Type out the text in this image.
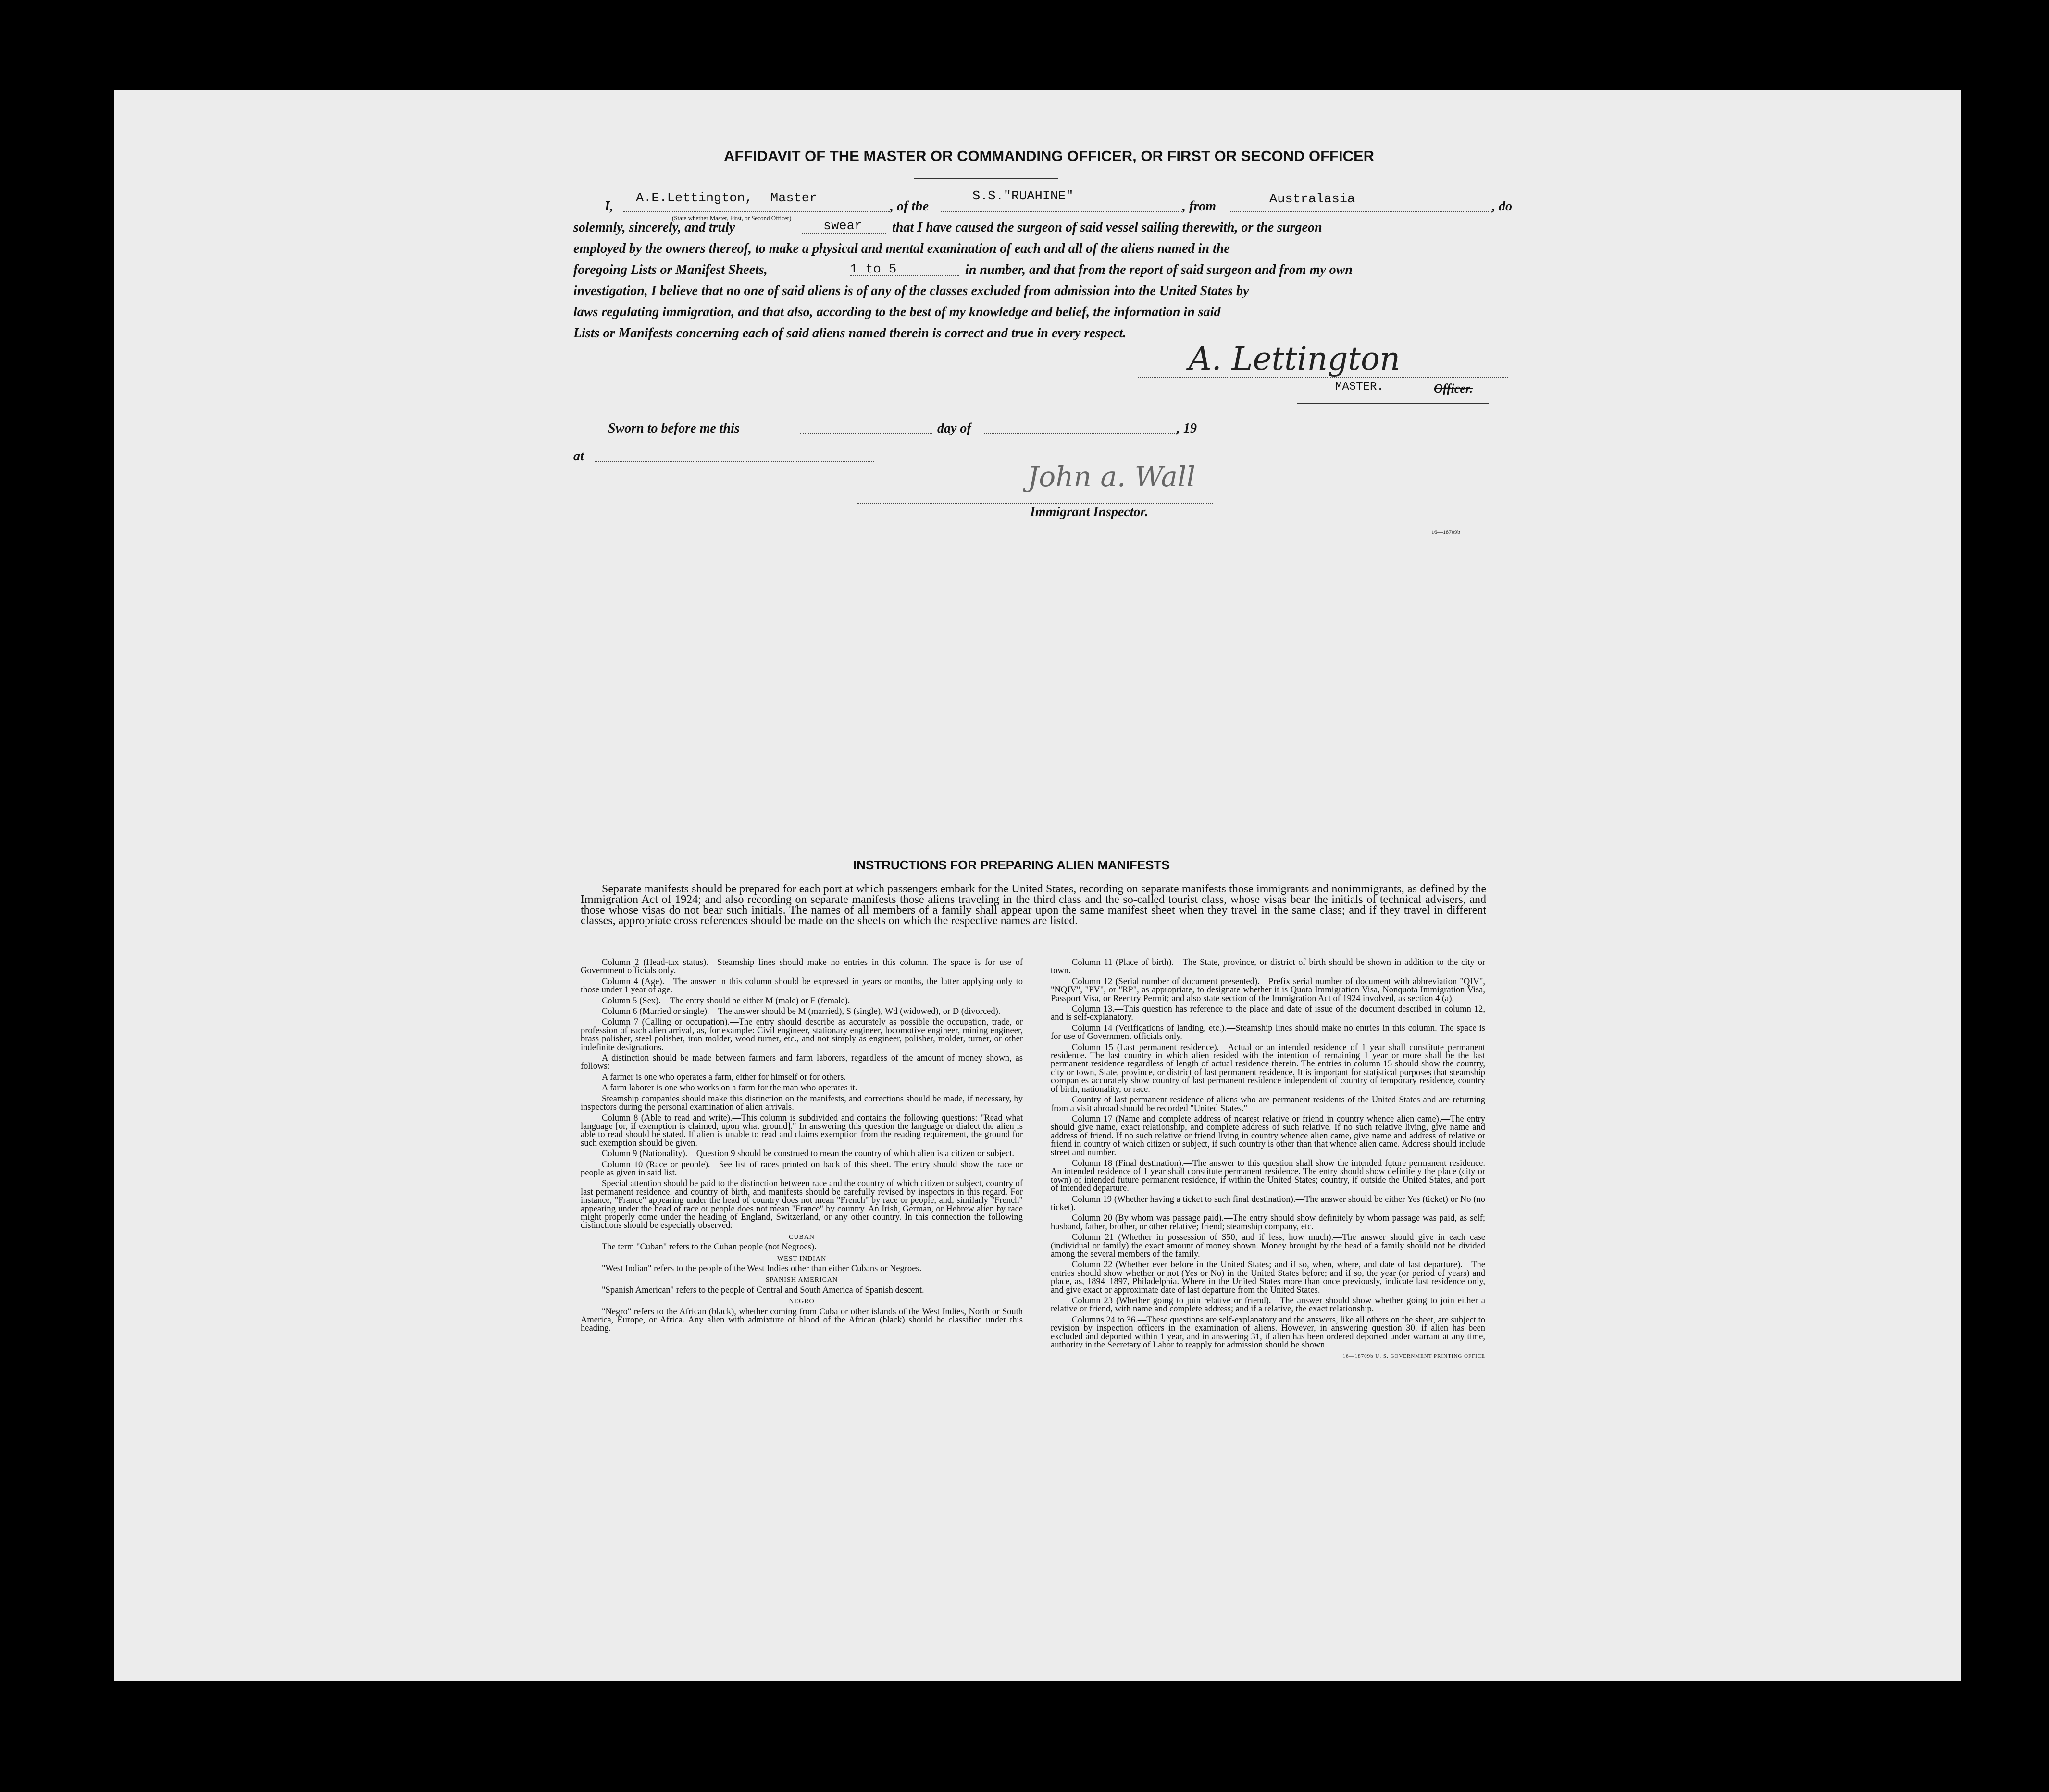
AFFIDAVIT OF THE MASTER OR COMMANDING OFFICER, OR FIRST OR SECOND OFFICER
I,
A.E.Lettington, Master
(State whether Master, First, or Second Officer)
, of the
S.S."RUAHINE"
, from	Australasia	, do
solemnly, sincerely, and truly	swear that I have caused the surgeon of said vessel sailing therewith, or the surgeon
employed by the owners thereof, to make a physical and mental examination of each and all of the aliens named in the
foregoing Lists or Manifest Sheets,	1 to 5	in number, and that from the report of said surgeon and from my own
investigation, I believe that no one of said aliens is of any of the classes excluded from admission into the United States by
laws regulating immigration, and that also, according to the best of my knowledge and belief, the information in said
Lists or Manifests concerning each of said aliens named therein is correct and true in every respect.
A. Lettington
MASTER.	Officer.
Sworn to before me this	day of	, 19
at
John a. Wall
Immigrant Inspector.
16—18709b
INSTRUCTIONS FOR PREPARING ALIEN MANIFESTS
Separate manifests should be prepared for each port at which passengers embark for the United States, recording on separate manifests those immigrants and nonimmigrants, as defined by the Immigration Act of 1924; and also recording on separate manifests those aliens traveling in the third class and the so-called tourist class, whose visas bear the initials of technical advisers, and those whose visas do not bear such initials. The names of all members of a family shall appear upon the same manifest sheet when they travel in the same class; and if they travel in different classes, appropriate cross references should be made on the sheets on which the respective names are listed.

Column 2 (Head-tax status).—Steamship lines should make no entries in this column. The space is for use of Government officials only.

Column 4 (Age).—The answer in this column should be expressed in years or months, the latter applying only to those under 1 year of age.

Column 5 (Sex).—The entry should be either M (male) or F (female).

Column 6 (Married or single).—The answer should be M (married), S (single), Wd (widowed), or D (divorced).

Column 7 (Calling or occupation).—The entry should describe as accurately as possible the occupation, trade, or profession of each alien arrival, as, for example: Civil engineer, stationary engineer, locomotive engineer, mining engineer, brass polisher, steel polisher, iron molder, wood turner, etc., and not simply as engineer, polisher, molder, turner, or other indefinite designations.

A distinction should be made between farmers and farm laborers, regardless of the amount of money shown, as follows:

A farmer is one who operates a farm, either for himself or for others.

A farm laborer is one who works on a farm for the man who operates it.

Steamship companies should make this distinction on the manifests, and corrections should be made, if necessary, by inspectors during the personal examination of alien arrivals.

Column 8 (Able to read and write).—This column is subdivided and contains the following questions: "Read what language [or, if exemption is claimed, upon what ground]." In answering this question the language or dialect the alien is able to read should be stated. If alien is unable to read and claims exemption from the reading requirement, the ground for such exemption should be given.

Column 9 (Nationality).—Question 9 should be construed to mean the country of which alien is a citizen or subject.

Column 10 (Race or people).—See list of races printed on back of this sheet. The entry should show the race or people as given in said list.

Special attention should be paid to the distinction between race and the country of which citizen or subject, country of last permanent residence, and country of birth, and manifests should be carefully revised by inspectors in this regard. For instance, "France" appearing under the head of country does not mean "French" by race or people, and, similarly "French" appearing under the head of race or people does not mean "France" by country. An Irish, German, or Hebrew alien by race might properly come under the heading of England, Switzerland, or any other country. In this connection the following distinctions should be especially observed:

CUBAN

The term "Cuban" refers to the Cuban people (not Negroes).

WEST INDIAN

"West Indian" refers to the people of the West Indies other than either Cubans or Negroes.

SPANISH AMERICAN

"Spanish American" refers to the people of Central and South America of Spanish descent.

NEGRO

"Negro" refers to the African (black), whether coming from Cuba or other islands of the West Indies, North or South America, Europe, or Africa. Any alien with admixture of blood of the African (black) should be classified under this heading.

Column 11 (Place of birth).—The State, province, or district of birth should be shown in addition to the city or town.

Column 12 (Serial number of document presented).—Prefix serial number of document with abbreviation "QIV", "NQIV", "PV", or "RP", as appropriate, to designate whether it is Quota Immigration Visa, Nonquota Immigration Visa, Passport Visa, or Reentry Permit; and also state section of the Immigration Act of 1924 involved, as section 4 (a).

Column 13.—This question has reference to the place and date of issue of the document described in column 12, and is self-explanatory.

Column 14 (Verifications of landing, etc.).—Steamship lines should make no entries in this column. The space is for use of Government officials only.

Column 15 (Last permanent residence).—Actual or an intended residence of 1 year shall constitute permanent residence. The last country in which alien resided with the intention of remaining 1 year or more shall be the last permanent residence regardless of length of actual residence therein. The entries in column 15 should show the country, city or town, State, province, or district of last permanent residence. It is important for statistical purposes that steamship companies accurately show country of last permanent residence independent of country of temporary residence, country of birth, nationality, or race.

Country of last permanent residence of aliens who are permanent residents of the United States and are returning from a visit abroad should be recorded "United States."

Column 17 (Name and complete address of nearest relative or friend in country whence alien came).—The entry should give name, exact relationship, and complete address of such relative. If no such relative living, give name and address of friend. If no such relative or friend living in country whence alien came, give name and address of relative or friend in country of which citizen or subject, if such country is other than that whence alien came. Address should include street and number.

Column 18 (Final destination).—The answer to this question shall show the intended future permanent residence. An intended residence of 1 year shall constitute permanent residence. The entry should show definitely the place (city or town) of intended future permanent residence, if within the United States; country, if outside the United States, and port of intended departure.

Column 19 (Whether having a ticket to such final destination).—The answer should be either Yes (ticket) or No (no ticket).

Column 20 (By whom was passage paid).—The entry should show definitely by whom passage was paid, as self; husband, father, brother, or other relative; friend; steamship company, etc.

Column 21 (Whether in possession of $50, and if less, how much).—The answer should give in each case (individual or family) the exact amount of money shown. Money brought by the head of a family should not be divided among the several members of the family.

Column 22 (Whether ever before in the United States; and if so, when, where, and date of last departure).—The entries should show whether or not (Yes or No) in the United States before; and if so, the year (or period of years) and place, as, 1894–1897, Philadelphia. Where in the United States more than once previously, indicate last residence only, and give exact or approximate date of last departure from the United States.

Column 23 (Whether going to join relative or friend).—The answer should show whether going to join either a relative or friend, with name and complete address; and if a relative, the exact relationship.

Columns 24 to 36.—These questions are self-explanatory and the answers, like all others on the sheet, are subject to revision by inspection officers in the examination of aliens. However, in answering question 30, if alien has been excluded and deported within 1 year, and in answering 31, if alien has been ordered deported under warrant at any time, authority in the Secretary of Labor to reapply for admission should be shown.

16—18709b U. S. GOVERNMENT PRINTING OFFICE
